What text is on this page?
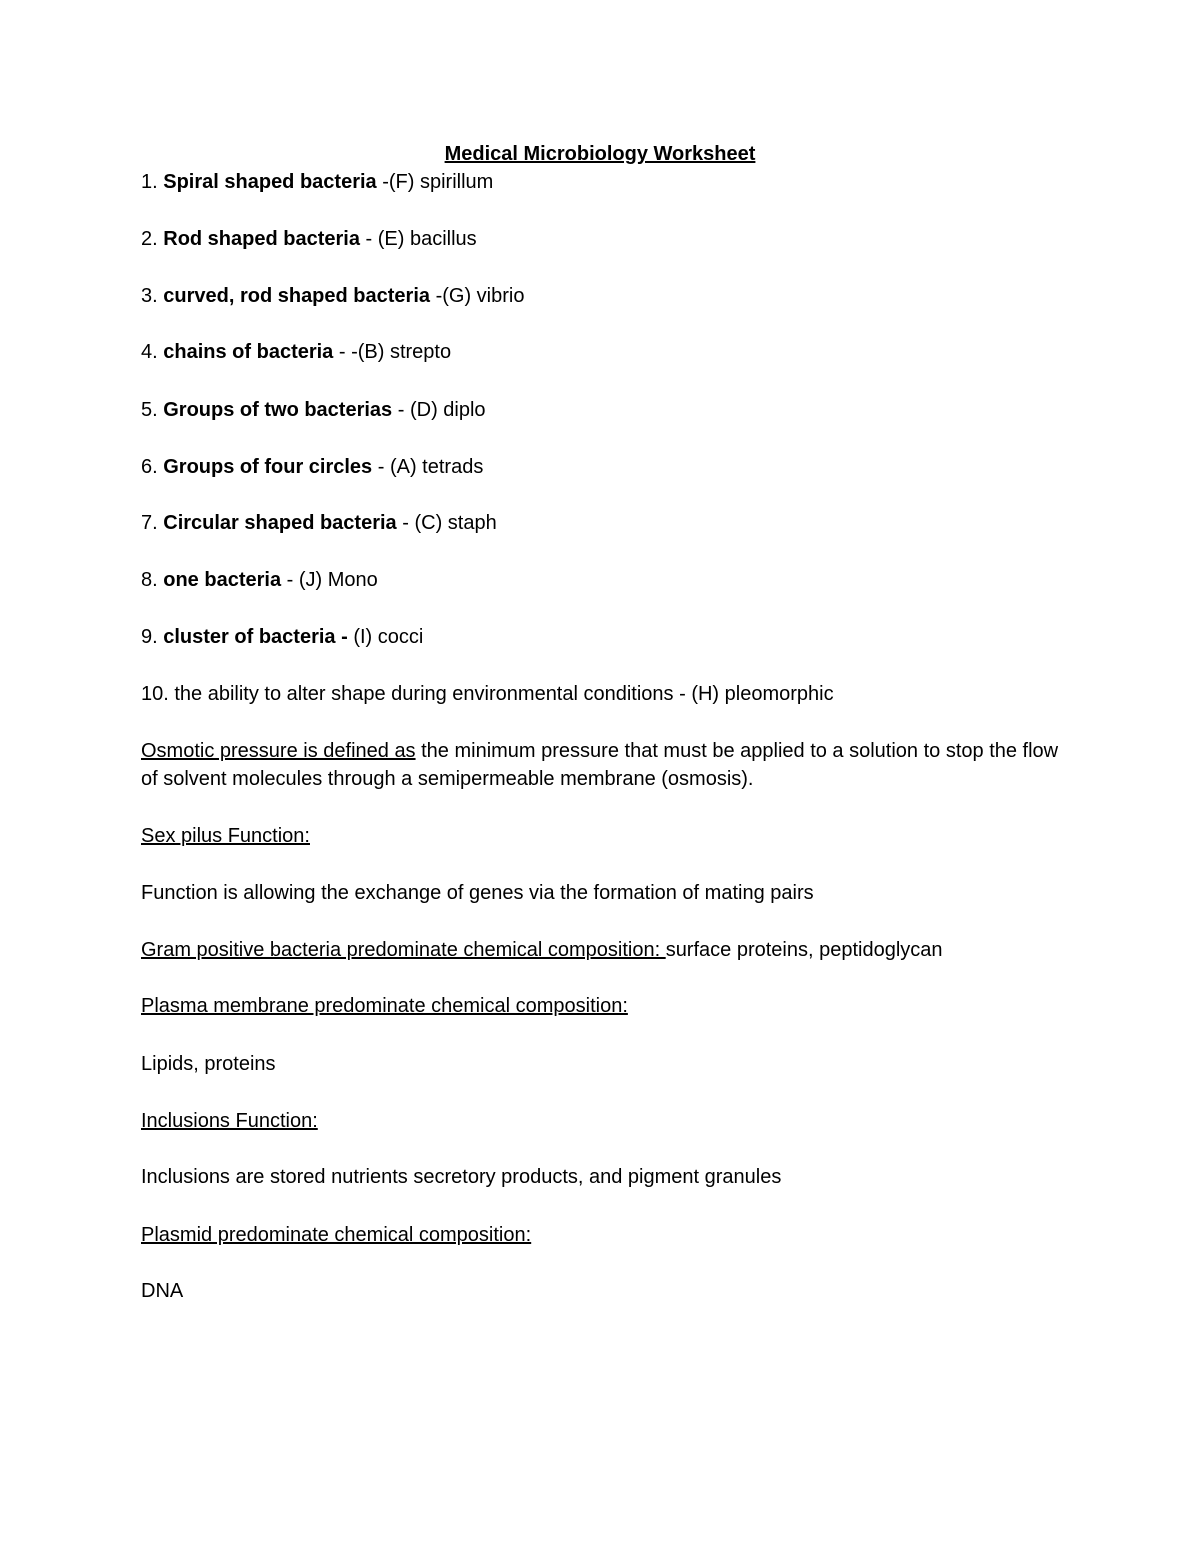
Medical Microbiology Worksheet

1. Spiral shaped bacteria -(F) spirillum

2. Rod shaped bacteria - (E) bacillus

3. curved, rod shaped bacteria -(G) vibrio

4. chains of bacteria - -(B) strepto

5. Groups of two bacterias - (D) diplo

6. Groups of four circles - (A) tetrads

7. Circular shaped bacteria - (C) staph

8. one bacteria - (J) Mono

9. cluster of bacteria - (I) cocci

10. the ability to alter shape during environmental conditions - (H) pleomorphic

Osmotic pressure is defined as the minimum pressure that must be applied to a solution to stop the flow of solvent molecules through a semipermeable membrane (osmosis).

Sex pilus Function:

Function is allowing the exchange of genes via the formation of mating pairs

Gram positive bacteria predominate chemical composition: surface proteins, peptidoglycan

Plasma membrane predominate chemical composition:

Lipids, proteins

Inclusions Function:

Inclusions are stored nutrients secretory products, and pigment granules

Plasmid predominate chemical composition:

DNA
